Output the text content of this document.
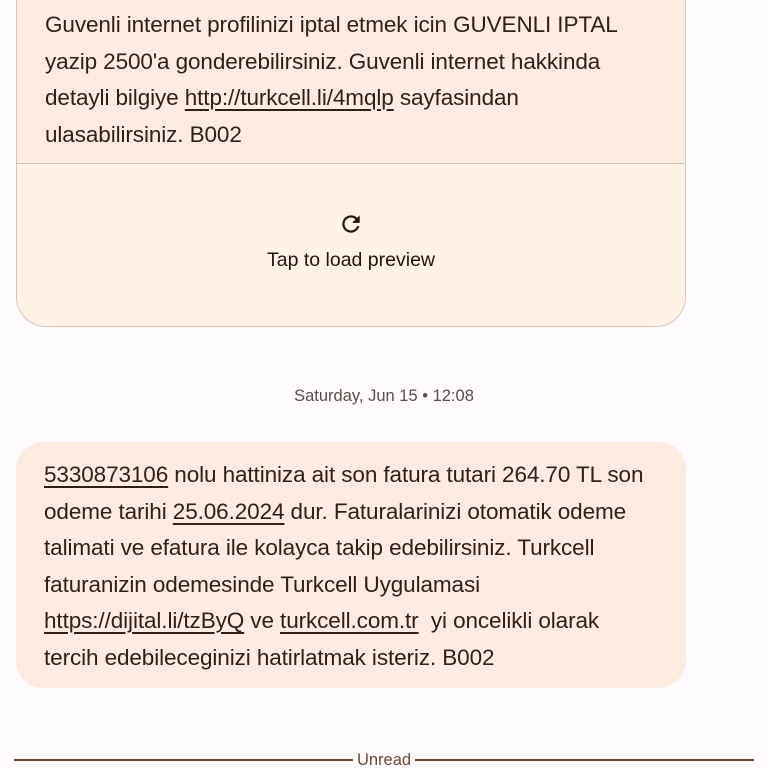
Guvenli internet profilinizi iptal etmek icin GUVENLI IPTAL yazip 2500'a gonderebilirsiniz. Guvenli internet hakkinda detayli bilgiye http://turkcell.li/4mqlp sayfasindan ulasabilirsiniz. B002

Tap to load preview
Saturday, Jun 15 • 12:08

5330873106 nolu hattiniza ait son fatura tutari 264.70 TL son odeme tarihi 25.06.2024 dur. Faturalarinizi otomatik odeme talimati ve efatura ile kolayca takip edebilirsiniz. Turkcell faturanizin odemesinde Turkcell Uygulamasi https://dijital.li/tzByQ ve turkcell.com.tr  yi oncelikli olarak tercih edebileceginizi hatirlatmak isteriz. B002

Unread
